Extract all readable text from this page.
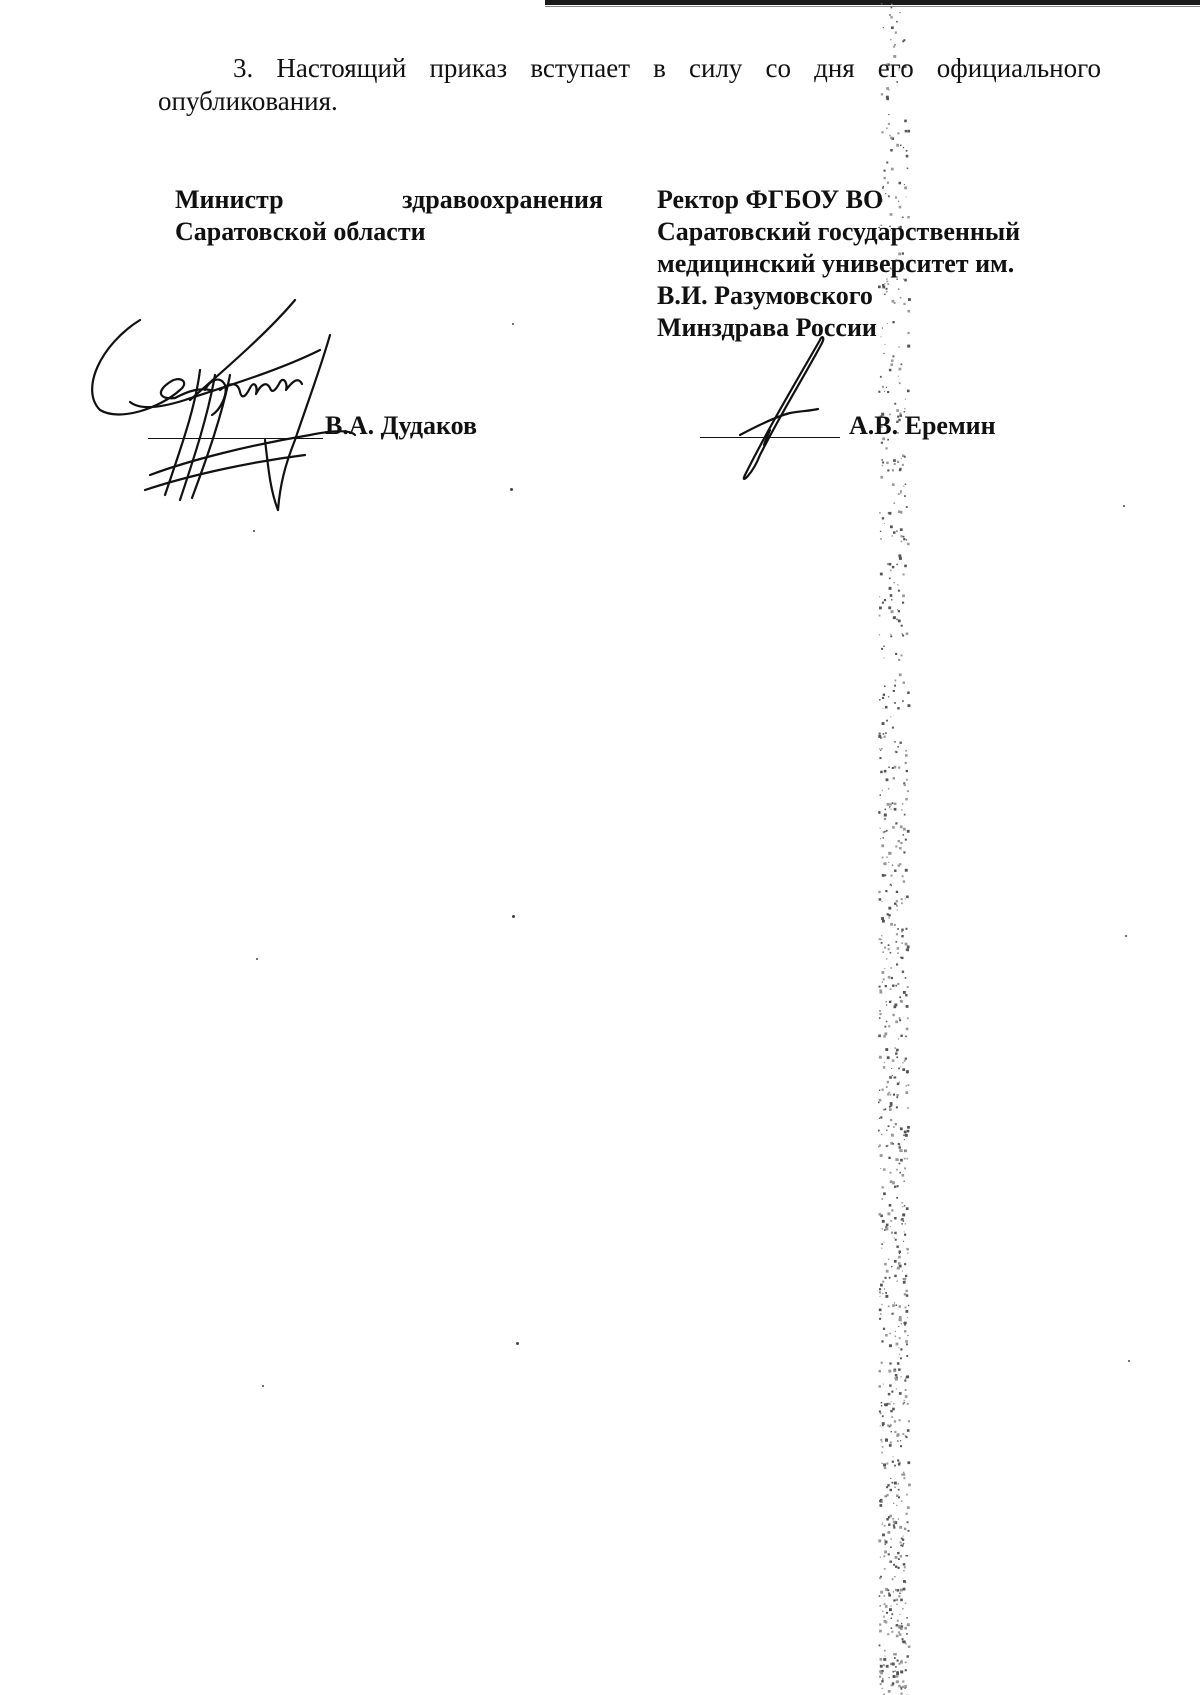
3. Настоящий приказ вступает в силу со дня его официального
опубликования.
Министр здравоохранения
Саратовской области
Ректор ФГБОУ ВО
Саратовский государственный
медицинский университет им.
В.И. Разумовского
Минздрава России
В.А. Дудаков	А.В. Еремин
